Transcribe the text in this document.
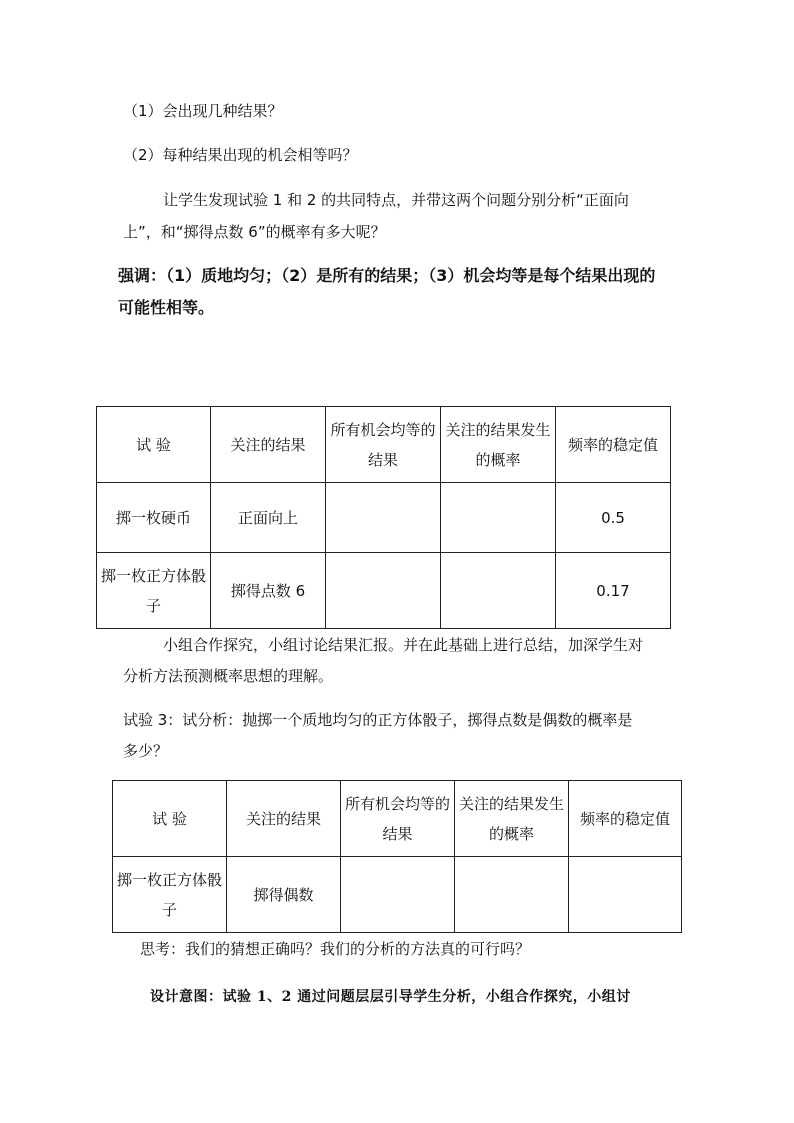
（1）会出现几种结果？
（2）每种结果出现的机会相等吗？
让学生发现试验 1 和 2 的共同特点，并带这两个问题分别分析“正面向
上”，和“掷得点数 6”的概率有多大呢？
强调：（1）质地均匀；（2）是所有的结果；（3）机会均等是每个结果出现的
可能性相等。
试 验	关注的结果	所有机会均等的结果	关注的结果发生的概率	频率的稳定值
掷一枚硬币	正面向上			0.5
掷一枚正方体骰子	掷得点数 6			0.17
小组合作探究，小组讨论结果汇报。并在此基础上进行总结，加深学生对
分析方法预测概率思想的理解。
试验 3：试分析：抛掷一个质地均匀的正方体骰子，掷得点数是偶数的概率是
多少？
试 验	关注的结果	所有机会均等的结果	关注的结果发生的概率	频率的稳定值
掷一枚正方体骰子	掷得偶数			
思考：我们的猜想正确吗？我们的分析的方法真的可行吗？
设计意图：试验 1、2 通过问题层层引导学生分析，小组合作探究，小组讨
